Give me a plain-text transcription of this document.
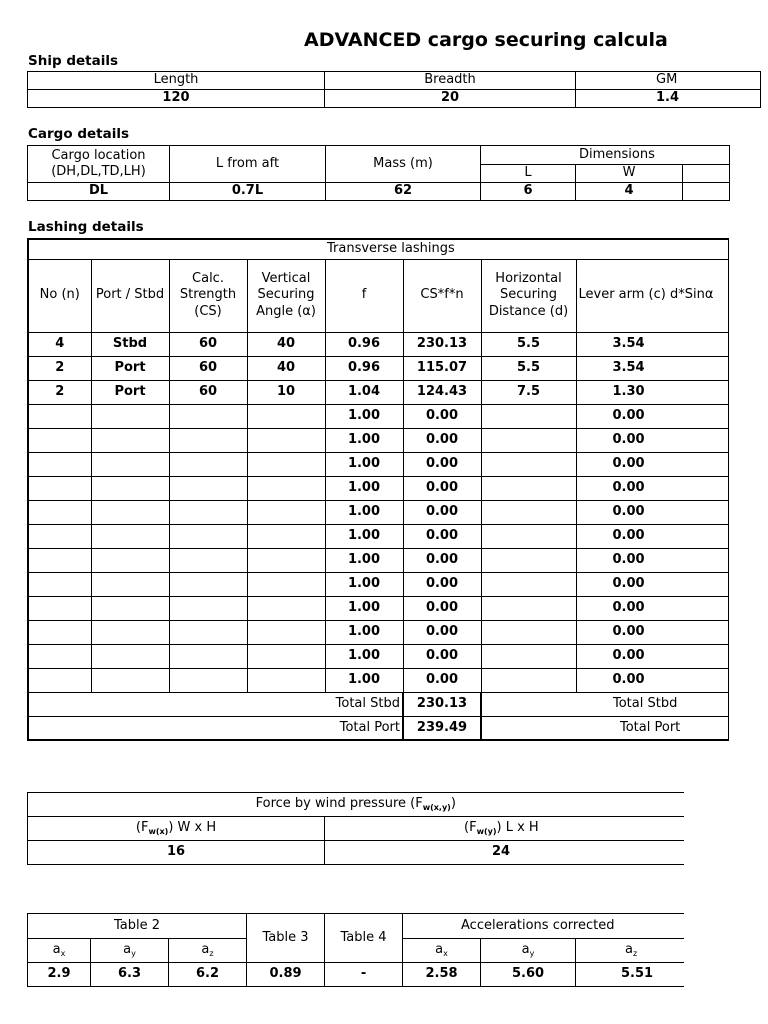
ADVANCED cargo securing calcula
Ship details
Length	Breadth	GM
120	20	1.4
Cargo details
Cargo location (DH,DL,TD,LH)	L from aft	Mass (m)	Dimensions		
			L	W	
DL	0.7L	62	6	4	
Lashing details
Transverse lashings							
No (n)	Port / Stbd	Calc. Strength (CS)	Vertical Securing Angle (α)	f	CS*f*n	Horizontal Securing Distance (d)	Lever arm (c) d*Sinα
4	Stbd	60	40	0.96	230.13	5.5	3.54
2	Port	60	40	0.96	115.07	5.5	3.54
2	Port	60	10	1.04	124.43	7.5	1.30
				1.00	0.00		0.00
				1.00	0.00		0.00
				1.00	0.00		0.00
				1.00	0.00		0.00
				1.00	0.00		0.00
				1.00	0.00		0.00
				1.00	0.00		0.00
				1.00	0.00		0.00
				1.00	0.00		0.00
				1.00	0.00		0.00
				1.00	0.00		0.00
				1.00	0.00		0.00
Total Stbd					230.13	Total Stbd	
Total Port					239.49	Total Port	
Force by wind pressure $(F_{w(x,y)})$	
$(F_{w(x)})$ W x H	$(F_{w(y)})$ L x H
16	24
Table 2			Table 3	Table 4	Accelerations corrected		
$a_x$	$a_y$	$a_z$			$a_x$	$a_y$	$a_z$
2.9	6.3	6.2	0.89	-	2.58	5.60	5.51
